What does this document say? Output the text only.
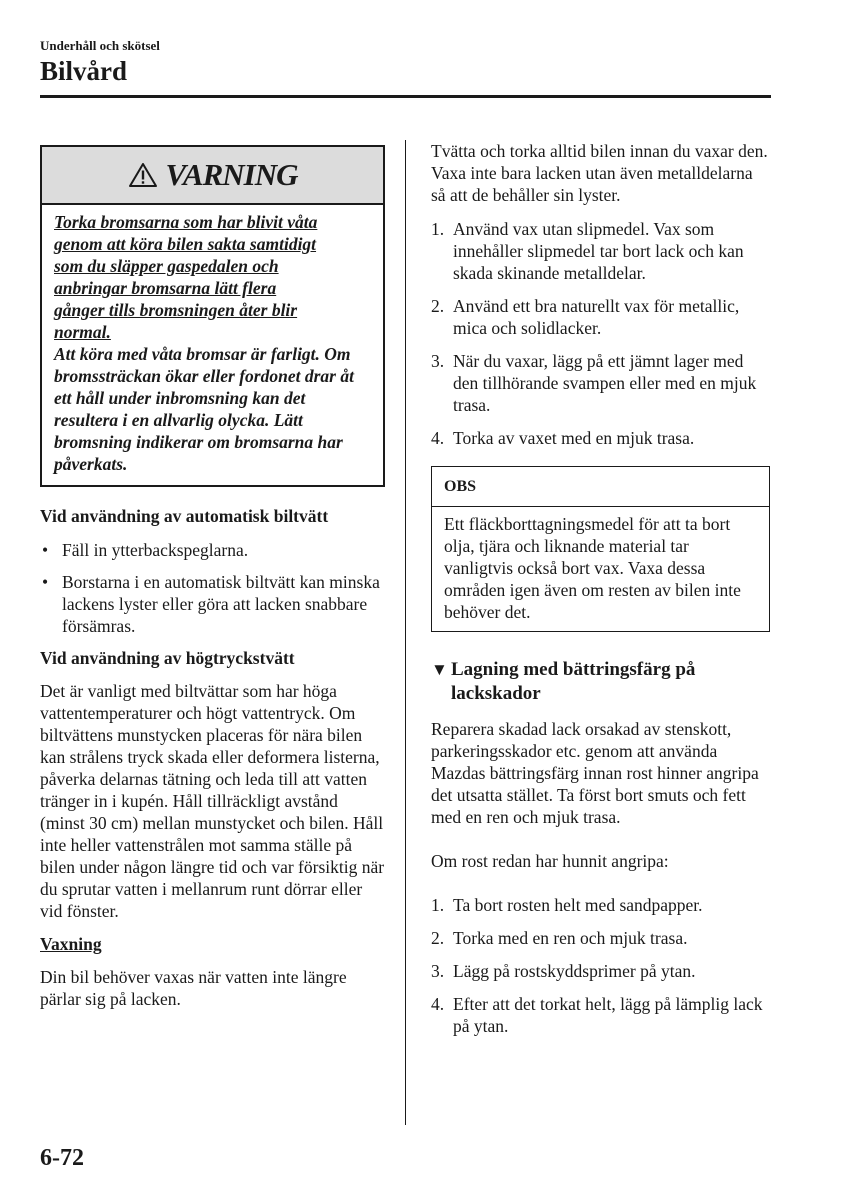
Underhåll och skötsel
Bilvård
VARNING

Torka bromsarna som har blivit våta
genom att köra bilen sakta samtidigt
som du släpper gaspedalen och
anbringar bromsarna lätt flera
gånger tills bromsningen åter blir
normal.

Att köra med våta bromsar är farligt. Om bromssträckan ökar eller fordonet drar åt ett håll under inbromsning kan det resultera i en allvarlig olycka. Lätt bromsning indikerar om bromsarna har påverkats.

Vid användning av automatisk biltvätt

• Fäll in ytterbackspeglarna.
• Borstarna i en automatisk biltvätt kan minska lackens lyster eller göra att lacken snabbare försämras.

Vid användning av högtryckstvätt

Det är vanligt med biltvättar som har höga vattentemperaturer och högt vattentryck. Om biltvättens munstycken placeras för nära bilen kan strålens tryck skada eller deformera listerna, påverka delarnas tätning och leda till att vatten tränger in i kupén. Håll tillräckligt avstånd (minst 30 cm) mellan munstycket och bilen. Håll inte heller vattenstrålen mot samma ställe på bilen under någon längre tid och var försiktig när du sprutar vatten i mellanrum runt dörrar eller vid fönster.

Vaxning

Din bil behöver vaxas när vatten inte längre pärlar sig på lacken.

Tvätta och torka alltid bilen innan du vaxar den. Vaxa inte bara lacken utan även metalldelarna så att de behåller sin lyster.

1. Använd vax utan slipmedel. Vax som innehåller slipmedel tar bort lack och kan skada skinande metalldelar.
2. Använd ett bra naturellt vax för metallic, mica och solidlacker.
3. När du vaxar, lägg på ett jämnt lager med den tillhörande svampen eller med en mjuk trasa.
4. Torka av vaxet med en mjuk trasa.
OBS
Ett fläckborttagningsmedel för att ta bort olja, tjära och liknande material tar vanligtvis också bort vax. Vaxa dessa områden igen även om resten av bilen inte behöver det.
▼ Lagning med bättringsfärg på lackskador

Reparera skadad lack orsakad av stenskott, parkeringsskador etc. genom att använda Mazdas bättringsfärg innan rost hinner angripa det utsatta stället. Ta först bort smuts och fett med en ren och mjuk trasa.

Om rost redan har hunnit angripa:

1. Ta bort rosten helt med sandpapper.
2. Torka med en ren och mjuk trasa.
3. Lägg på rostskyddsprimer på ytan.
4. Efter att det torkat helt, lägg på lämplig lack på ytan.
6-72
